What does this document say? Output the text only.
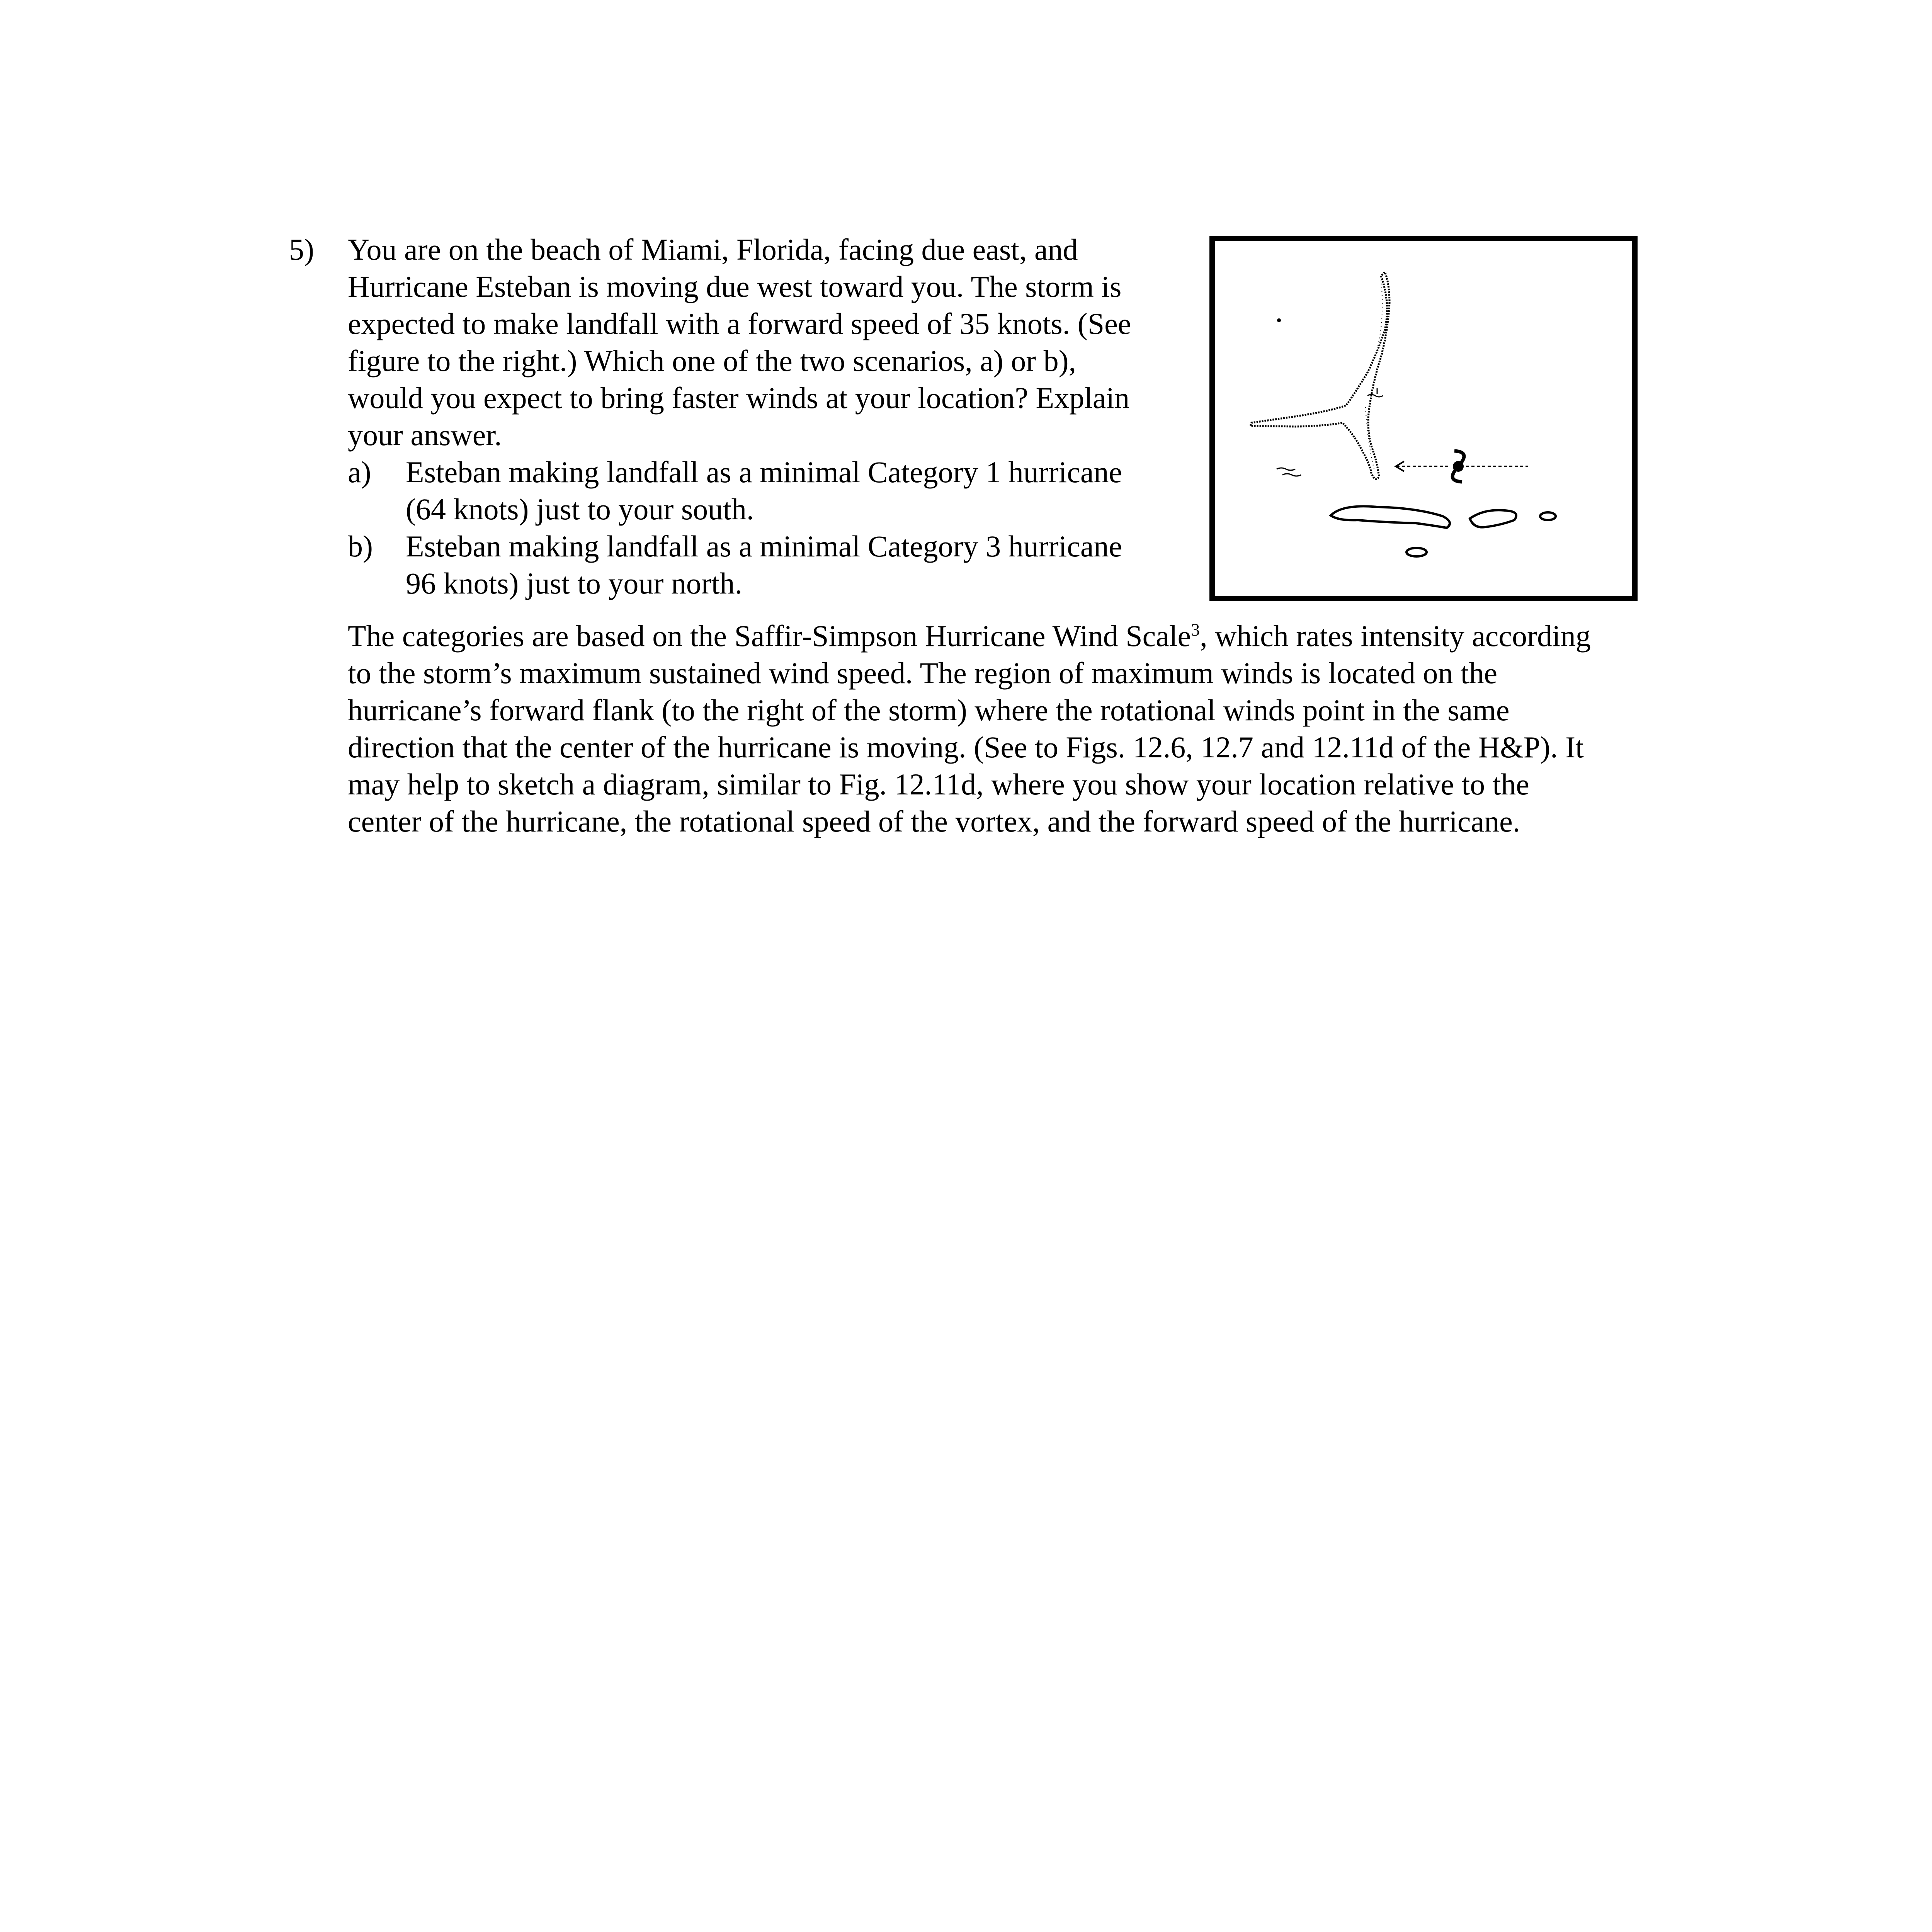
5) You are on the beach of Miami, Florida, facing due east, and
Hurricane Esteban is moving due west toward you. The storm is
expected to make landfall with a forward speed of 35 knots. (See
figure to the right.) Which one of the two scenarios, a) or b),
would you expect to bring faster winds at your location? Explain
your answer.
a) Esteban making landfall as a minimal Category 1 hurricane
(64 knots) just to your south.
b) Esteban making landfall as a minimal Category 3 hurricane
96 knots) just to your north.
The categories are based on the Saffir-Simpson Hurricane Wind Scale$^3$, which rates intensity according
to the storm’s maximum sustained wind speed. The region of maximum winds is located on the
hurricane’s forward flank (to the right of the storm) where the rotational winds point in the same
direction that the center of the hurricane is moving. (See to Figs. 12.6, 12.7 and 12.11d of the H&P). It
may help to sketch a diagram, similar to Fig. 12.11d, where you show your location relative to the
center of the hurricane, the rotational speed of the vortex, and the forward speed of the hurricane.
